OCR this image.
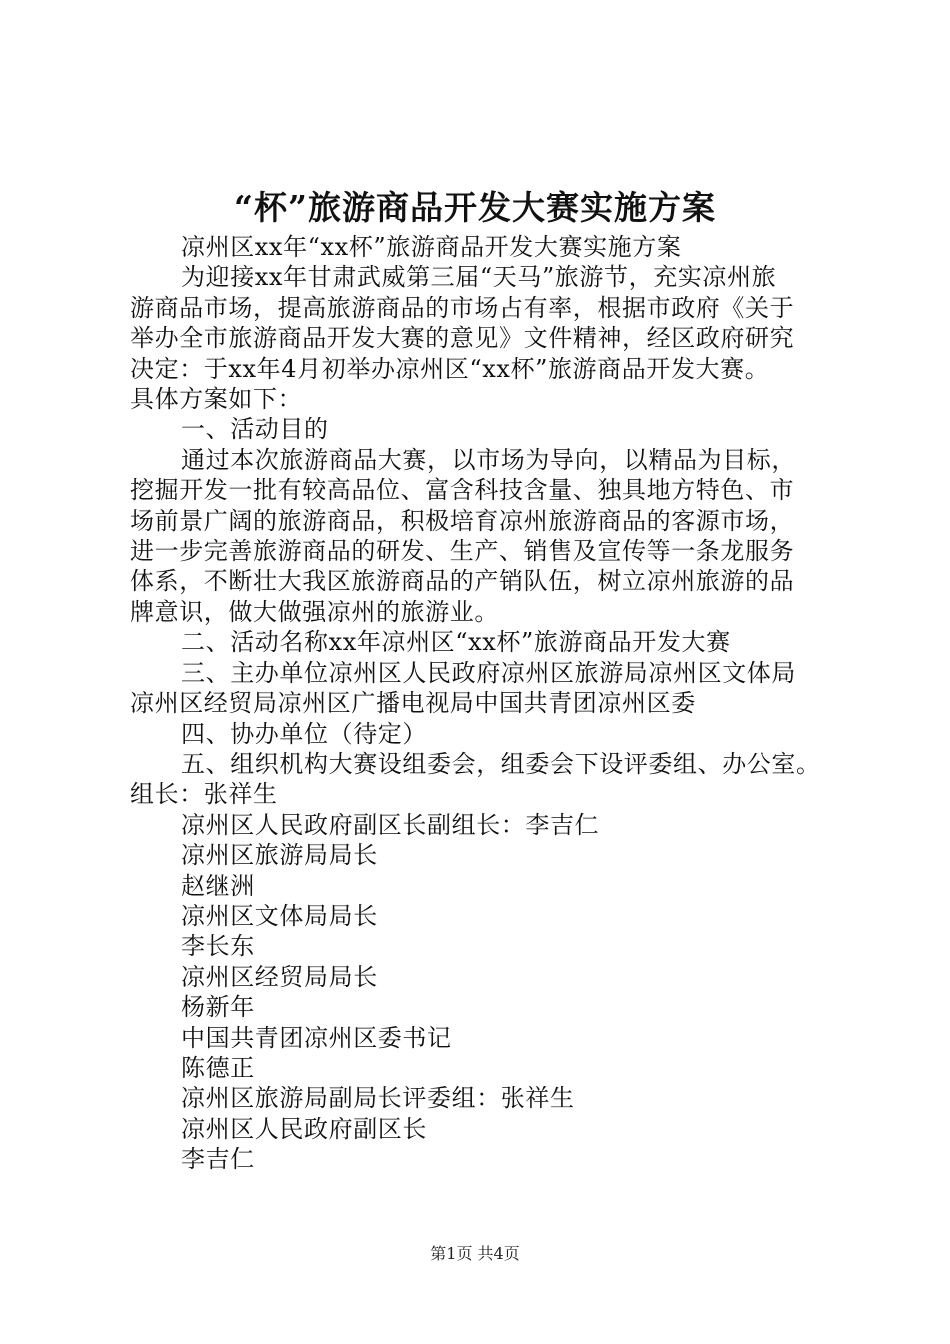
“杯”旅游商品开发大赛实施方案

凉州区xx年“xx杯”旅游商品开发大赛实施方案

为迎接xx年甘肃武威第三届“天马”旅游节，充实凉州旅

游商品市场，提高旅游商品的市场占有率，根据市政府《关于

举办全市旅游商品开发大赛的意见》文件精神，经区政府研究

决定：于xx年4月初举办凉州区“xx杯”旅游商品开发大赛。

具体方案如下：

一、活动目的

通过本次旅游商品大赛，以市场为导向，以精品为目标，

挖掘开发一批有较高品位、富含科技含量、独具地方特色、市

场前景广阔的旅游商品，积极培育凉州旅游商品的客源市场，

进一步完善旅游商品的研发、生产、销售及宣传等一条龙服务

体系，不断壮大我区旅游商品的产销队伍，树立凉州旅游的品

牌意识，做大做强凉州的旅游业。

二、活动名称xx年凉州区“xx杯”旅游商品开发大赛

三、主办单位凉州区人民政府凉州区旅游局凉州区文体局

凉州区经贸局凉州区广播电视局中国共青团凉州区委

四、协办单位（待定）

五、组织机构大赛设组委会，组委会下设评委组、办公室。

组长：张祥生

凉州区人民政府副区长副组长：李吉仁

凉州区旅游局局长

赵继洲

凉州区文体局局长

李长东

凉州区经贸局局长

杨新年

中国共青团凉州区委书记

陈德正

凉州区旅游局副局长评委组：张祥生

凉州区人民政府副区长

李吉仁

第1页 共4页
